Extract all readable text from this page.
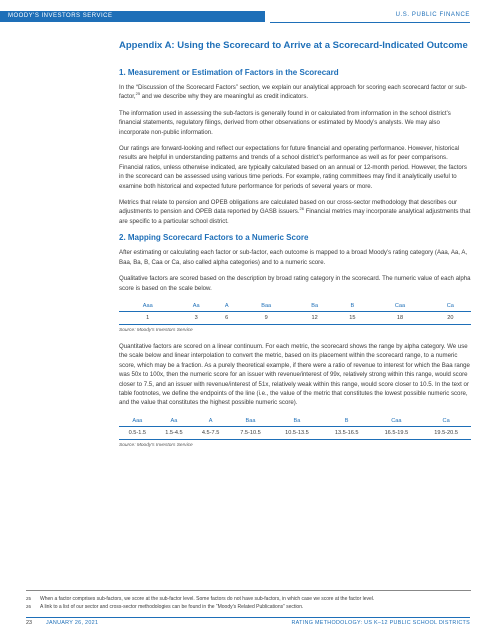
MOODY'S INVESTORS SERVICE	U.S. PUBLIC FINANCE
Appendix A: Using the Scorecard to Arrive at a Scorecard-Indicated Outcome
1. Measurement or Estimation of Factors in the Scorecard

In the “Discussion of the Scorecard Factors” section, we explain our analytical approach for scoring each scorecard factor or sub-factor,$^{25}$ and we describe why they are meaningful as credit indicators.

The information used in assessing the sub-factors is generally found in or calculated from information in the school district’s financial statements, regulatory filings, derived from other observations or estimated by Moody’s analysts. We may also incorporate non-public information.

Our ratings are forward-looking and reflect our expectations for future financial and operating performance. However, historical results are helpful in understanding patterns and trends of a school district’s performance as well as for peer comparisons. Financial ratios, unless otherwise indicated, are typically calculated based on an annual or 12-month period. However, the factors in the scorecard can be assessed using various time periods. For example, rating committees may find it analytically useful to examine both historical and expected future performance for periods of several years or more.

Metrics that relate to pension and OPEB obligations are calculated based on our cross-sector methodology that describes our adjustments to pension and OPEB data reported by GASB issuers.$^{26}$ Financial metrics may incorporate analytical adjustments that are specific to a particular school district.

2. Mapping Scorecard Factors to a Numeric Score

After estimating or calculating each factor or sub-factor, each outcome is mapped to a broad Moody’s rating category (Aaa, Aa, A, Baa, Ba, B, Caa or Ca, also called alpha categories) and to a numeric score.

Qualitative factors are scored based on the description by broad rating category in the scorecard. The numeric value of each alpha score is based on the scale below.

Aaa	Aa	A	Baa	Ba	B	Caa	Ca
1	3	6	9	12	15	18	20
Source: Moody's Investors Service

Quantitative factors are scored on a linear continuum. For each metric, the scorecard shows the range by alpha category. We use the scale below and linear interpolation to convert the metric, based on its placement within the scorecard range, to a numeric score, which may be a fraction. As a purely theoretical example, if there were a ratio of revenue to interest for which the Baa range was 50x to 100x, then the numeric score for an issuer with revenue/interest of 99x, relatively strong within this range, would score closer to 7.5, and an issuer with revenue/interest of 51x, relatively weak within this range, would score closer to 10.5. In the text or table footnotes, we define the endpoints of the line (i.e., the value of the metric that constitutes the lowest possible numeric score, and the value that constitutes the highest possible numeric score).

Aaa	Aa	A	Baa	Ba	B	Caa	Ca
0.5-1.5	1.5-4.5	4.5-7.5	7.5-10.5	10.5-13.5	13.5-16.5	16.5-19.5	19.5-20.5
Source: Moody's Investors Service
25 When a factor comprises sub-factors, we score at the sub-factor level. Some factors do not have sub-factors, in which case we score at the factor level.
26 A link to a list of our sector and cross-sector methodologies can be found in the “Moody’s Related Publications” section.
23	JANUARY 26, 2021	RATING METHODOLOGY: US K–12 PUBLIC SCHOOL DISTRICTS
